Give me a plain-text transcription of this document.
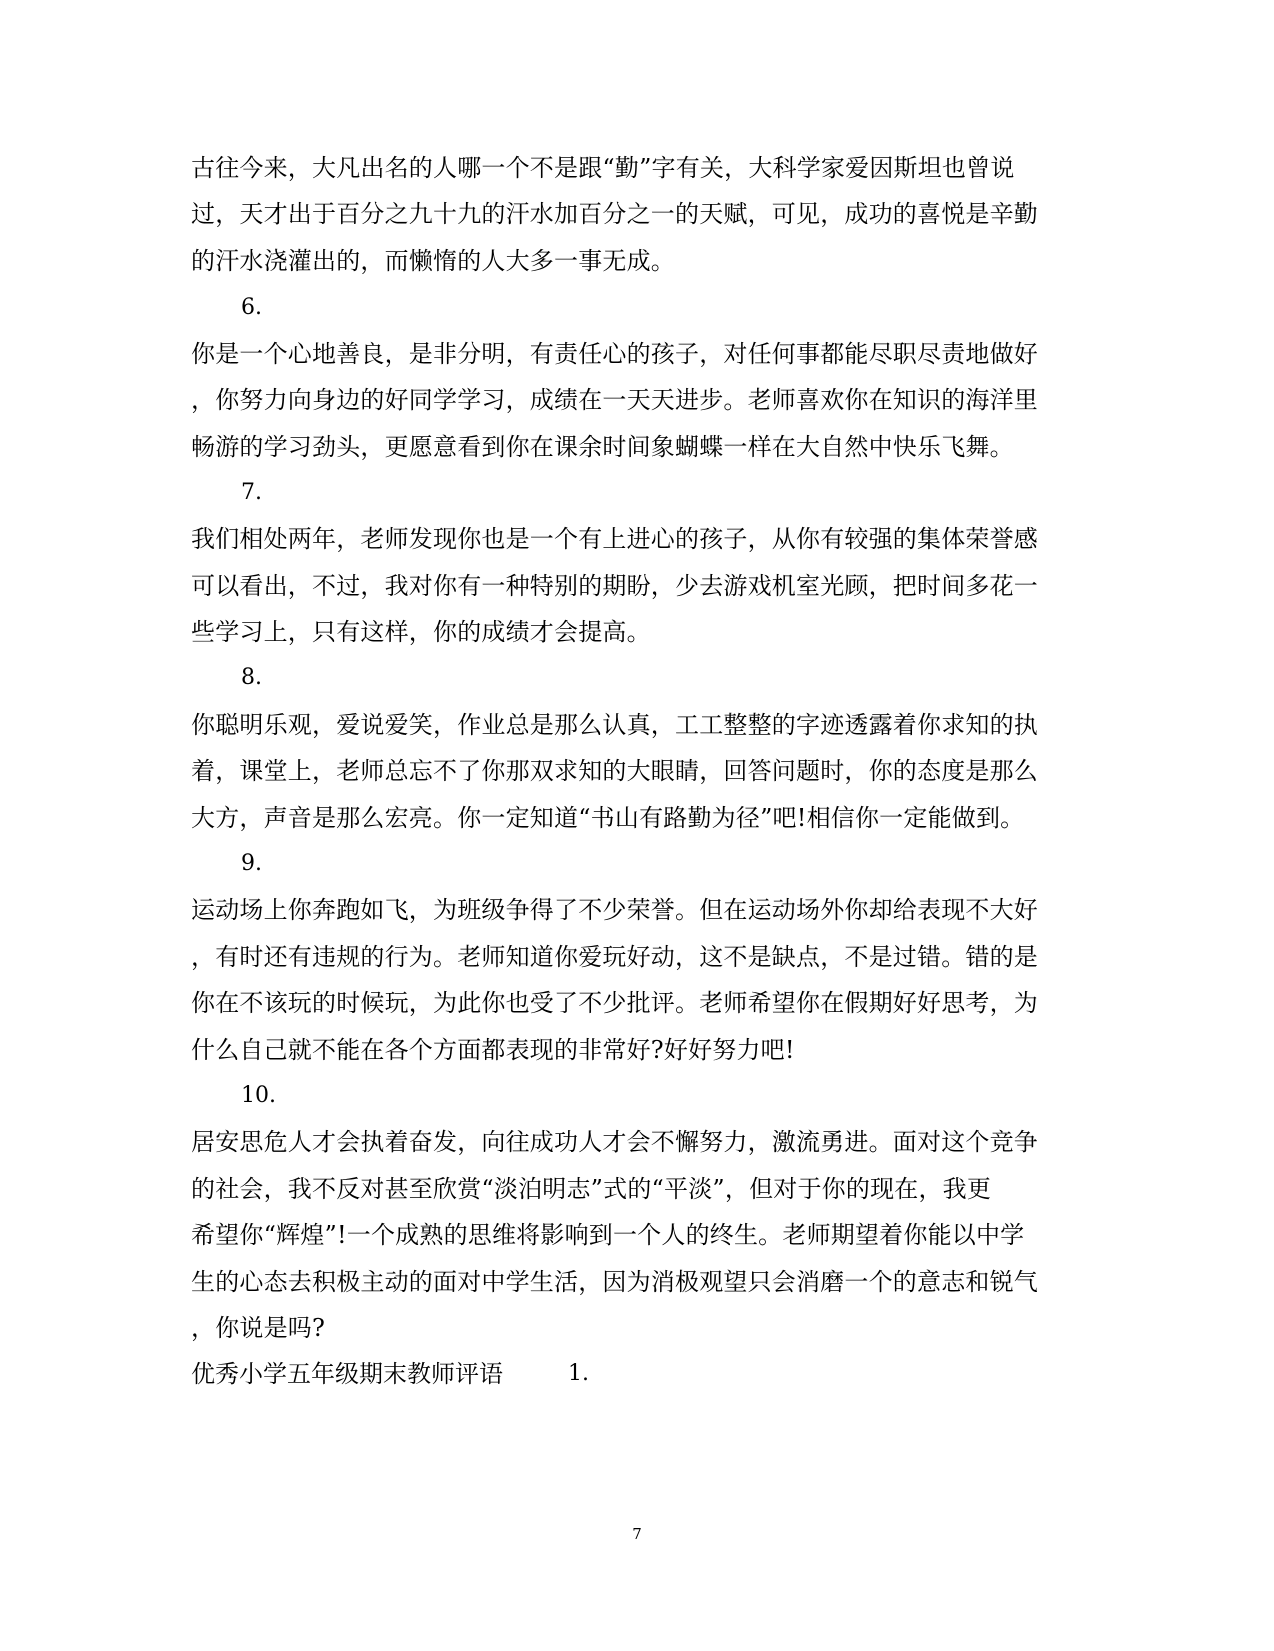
古往今来，大凡出名的人哪一个不是跟“勤”字有关，大科学家爱因斯坦也曾说
过，天才出于百分之九十九的汗水加百分之一的天赋，可见，成功的喜悦是辛勤
的汗水浇灌出的，而懒惰的人大多一事无成。
6.
你是一个心地善良，是非分明，有责任心的孩子，对任何事都能尽职尽责地做好
，你努力向身边的好同学学习，成绩在一天天进步。老师喜欢你在知识的海洋里
畅游的学习劲头，更愿意看到你在课余时间象蝴蝶一样在大自然中快乐飞舞。
7.
我们相处两年，老师发现你也是一个有上进心的孩子，从你有较强的集体荣誉感
可以看出，不过，我对你有一种特别的期盼，少去游戏机室光顾，把时间多花一
些学习上，只有这样，你的成绩才会提高。
8.
你聪明乐观，爱说爱笑，作业总是那么认真，工工整整的字迹透露着你求知的执
着，课堂上，老师总忘不了你那双求知的大眼睛，回答问题时，你的态度是那么
大方，声音是那么宏亮。你一定知道“书山有路勤为径”吧!相信你一定能做到。
9.
运动场上你奔跑如飞，为班级争得了不少荣誉。但在运动场外你却给表现不大好
，有时还有违规的行为。老师知道你爱玩好动，这不是缺点，不是过错。错的是
你在不该玩的时候玩，为此你也受了不少批评。老师希望你在假期好好思考，为
什么自己就不能在各个方面都表现的非常好?好好努力吧!
10.
居安思危人才会执着奋发，向往成功人才会不懈努力，激流勇进。面对这个竞争
的社会，我不反对甚至欣赏“淡泊明志”式的“平淡”，但对于你的现在，我更
希望你“辉煌”!一个成熟的思维将影响到一个人的终生。老师期望着你能以中学
生的心态去积极主动的面对中学生活，因为消极观望只会消磨一个的意志和锐气
，你说是吗?
优秀小学五年级期末教师评语	1.
7
